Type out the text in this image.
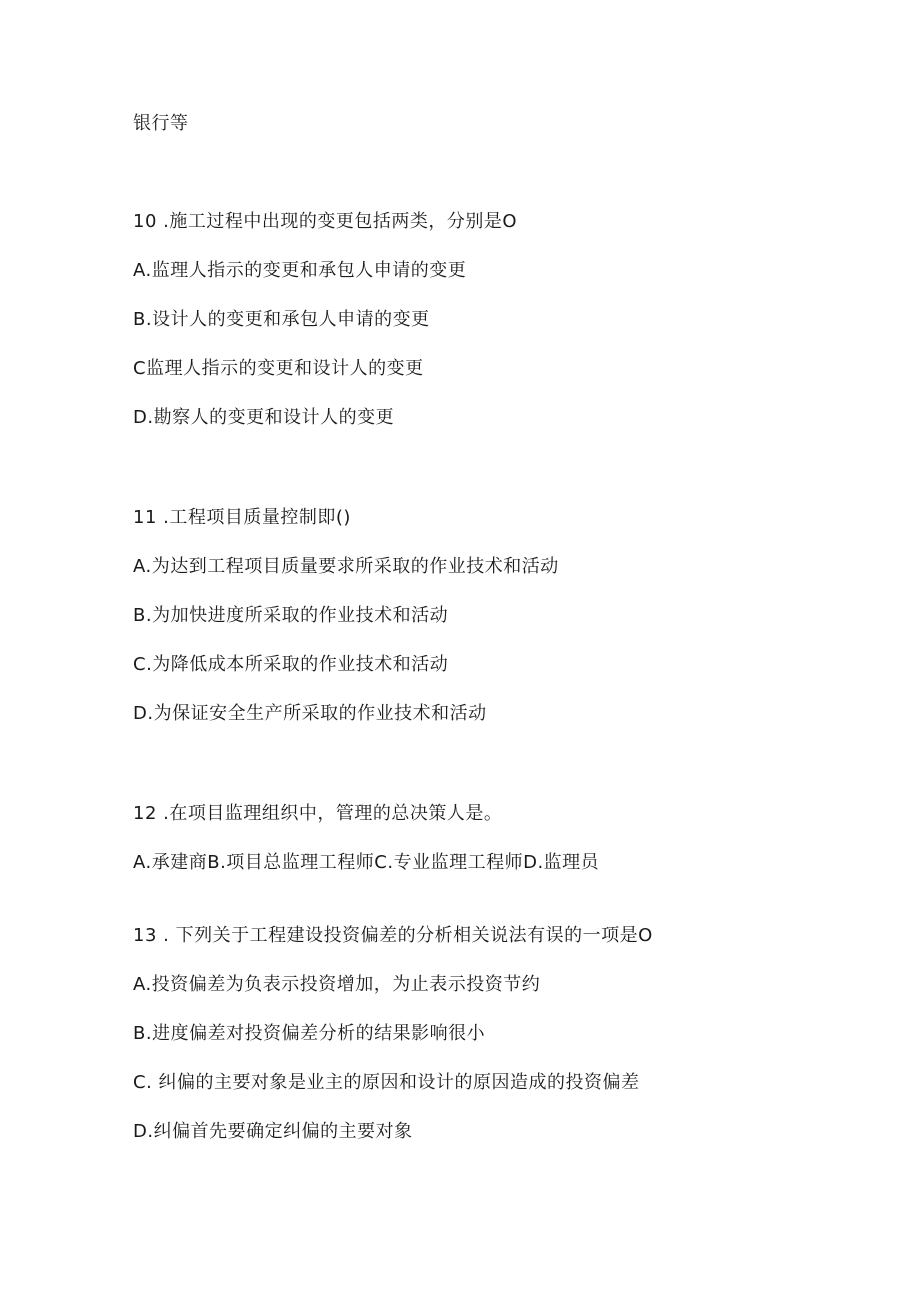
银行等
10 .施工过程中出现的变更包括两类，分别是O
A.监理人指示的变更和承包人申请的变更
B.设计人的变更和承包人申请的变更
C监理人指示的变更和设计人的变更
D.勘察人的变更和设计人的变更
11 .工程项目质量控制即()
A.为达到工程项目质量要求所采取的作业技术和活动
B.为加快进度所采取的作业技术和活动
C.为降低成本所采取的作业技术和活动
D.为保证安全生产所采取的作业技术和活动
12 .在项目监理组织中，管理的总决策人是。
A.承建商B.项目总监理工程师C.专业监理工程师D.监理员
13 . 下列关于工程建设投资偏差的分析相关说法有误的一项是O
A.投资偏差为负表示投资增加，为止表示投资节约
B.进度偏差对投资偏差分析的结果影响很小
C. 纠偏的主要对象是业主的原因和设计的原因造成的投资偏差
D.纠偏首先要确定纠偏的主要对象
